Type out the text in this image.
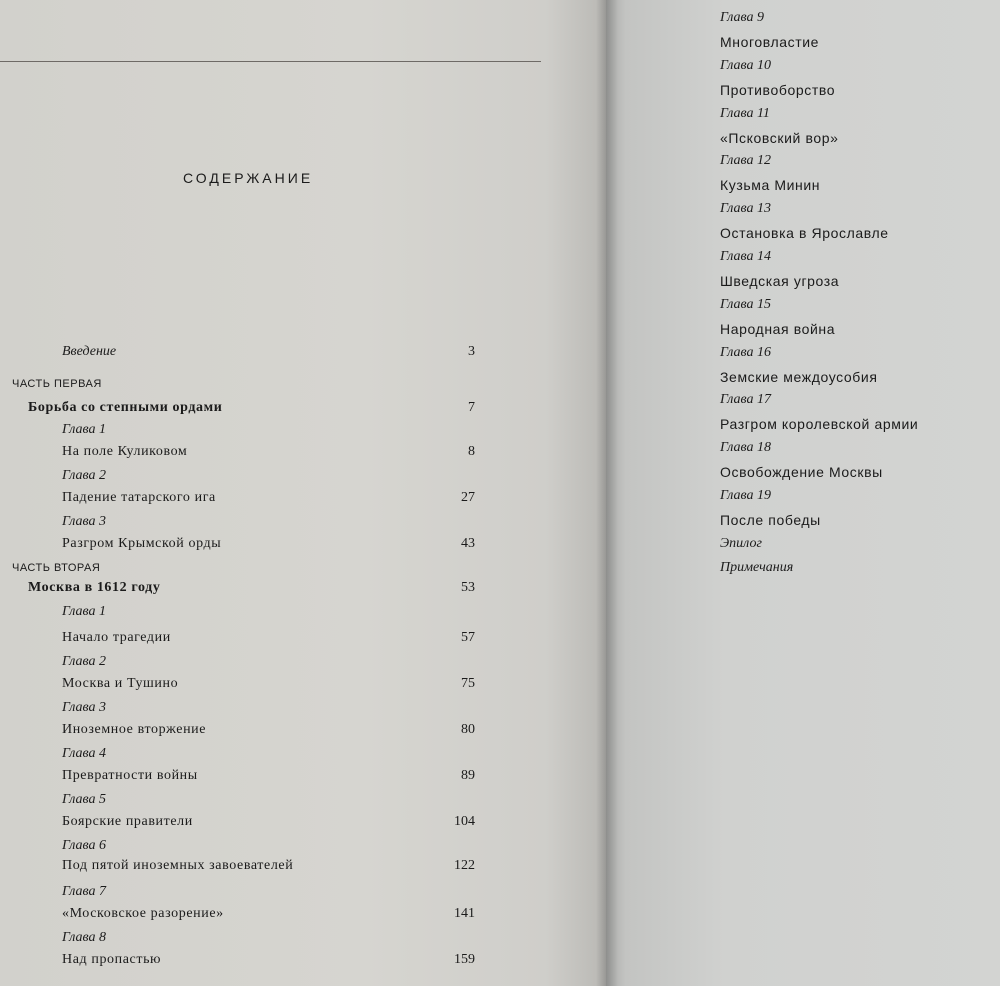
СОДЕРЖАНИЕ
Введение	3
ЧАСТЬ ПЕРВАЯ
Борьба со степными ордами	7
Глава 1
На поле Куликовом	8
Глава 2
Падение татарского ига	27
Глава 3
Разгром Крымской орды	43
ЧАСТЬ ВТОРАЯ
Москва в 1612 году	53
Глава 1
Начало трагедии	57
Глава 2
Москва и Тушино	75
Глава 3
Иноземное вторжение	80
Глава 4
Превратности войны	89
Глава 5
Боярские правители	104
Глава 6
Под пятой иноземных завоевателей	122
Глава 7
«Московское разорение»	141
Глава 8
Над пропастью	159
Глава 9
Многовластие
Глава 10
Противоборство
Глава 11
«Псковский вор»
Глава 12
Кузьма Минин
Глава 13
Остановка в Ярославле
Глава 14
Шведская угроза
Глава 15
Народная война
Глава 16
Земские междоусобия
Глава 17
Разгром королевской армии
Глава 18
Освобождение Москвы
Глава 19
После победы
Эпилог
Примечания
